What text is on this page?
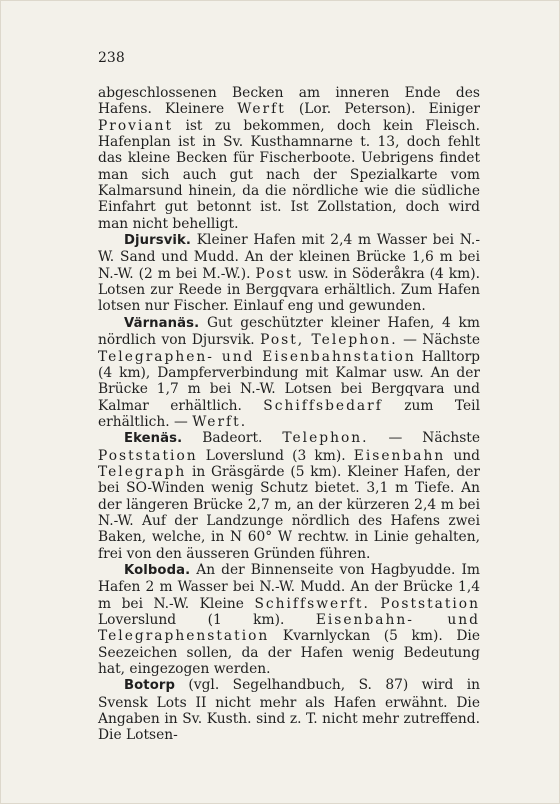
238

abgeschlossenen Becken am inneren Ende des Hafens. Kleinere Werft (Lor. Peterson). Einiger Proviant ist zu bekommen, doch kein Fleisch. Hafenplan ist in Sv. Kusthamnarne t. 13, doch fehlt das kleine Becken für Fischerboote. Uebrigens findet man sich auch gut nach der Spezialkarte vom Kalmarsund hinein, da die nördliche wie die südliche Einfahrt gut betonnt ist. Ist Zollstation, doch wird man nicht behelligt.

Djursvik. Kleiner Hafen mit 2,4 m Wasser bei N.-W. Sand und Mudd. An der kleinen Brücke 1,6 m bei N.-W. (2 m bei M.-W.). Post usw. in Söderåkra (4 km). Lotsen zur Reede in Bergqvara erhältlich. Zum Hafen lotsen nur Fischer. Einlauf eng und gewunden.

Värnanäs. Gut geschützter kleiner Hafen, 4 km nördlich von Djursvik. Post, Telephon. — Nächste Telegraphen- und Eisenbahnstation Halltorp (4 km), Dampferverbindung mit Kalmar usw. An der Brücke 1,7 m bei N.-W. Lotsen bei Bergqvara und Kalmar erhältlich. Schiffsbedarf zum Teil erhältlich. — Werft.

Ekenäs. Badeort. Telephon. — Nächste Poststation Loverslund (3 km). Eisenbahn und Telegraph in Gräsgärde (5 km). Kleiner Hafen, der bei SO-Winden wenig Schutz bietet. 3,1 m Tiefe. An der längeren Brücke 2,7 m, an der kürzeren 2,4 m bei N.-W. Auf der Landzunge nördlich des Hafens zwei Baken, welche, in N 60° W rechtw. in Linie gehalten, frei von den äusseren Gründen führen.

Kolboda. An der Binnenseite von Hagbyudde. Im Hafen 2 m Wasser bei N.-W. Mudd. An der Brücke 1,4 m bei N.-W. Kleine Schiffswerft. Poststation Loverslund (1 km). Eisenbahn- und Telegraphenstation Kvarnlyckan (5 km). Die Seezeichen sollen, da der Hafen wenig Bedeutung hat, eingezogen werden.

Botorp (vgl. Segelhandbuch, S. 87) wird in Svensk Lots II nicht mehr als Hafen erwähnt. Die Angaben in Sv. Kusth. sind z. T. nicht mehr zutreffend. Die Lotsen-
